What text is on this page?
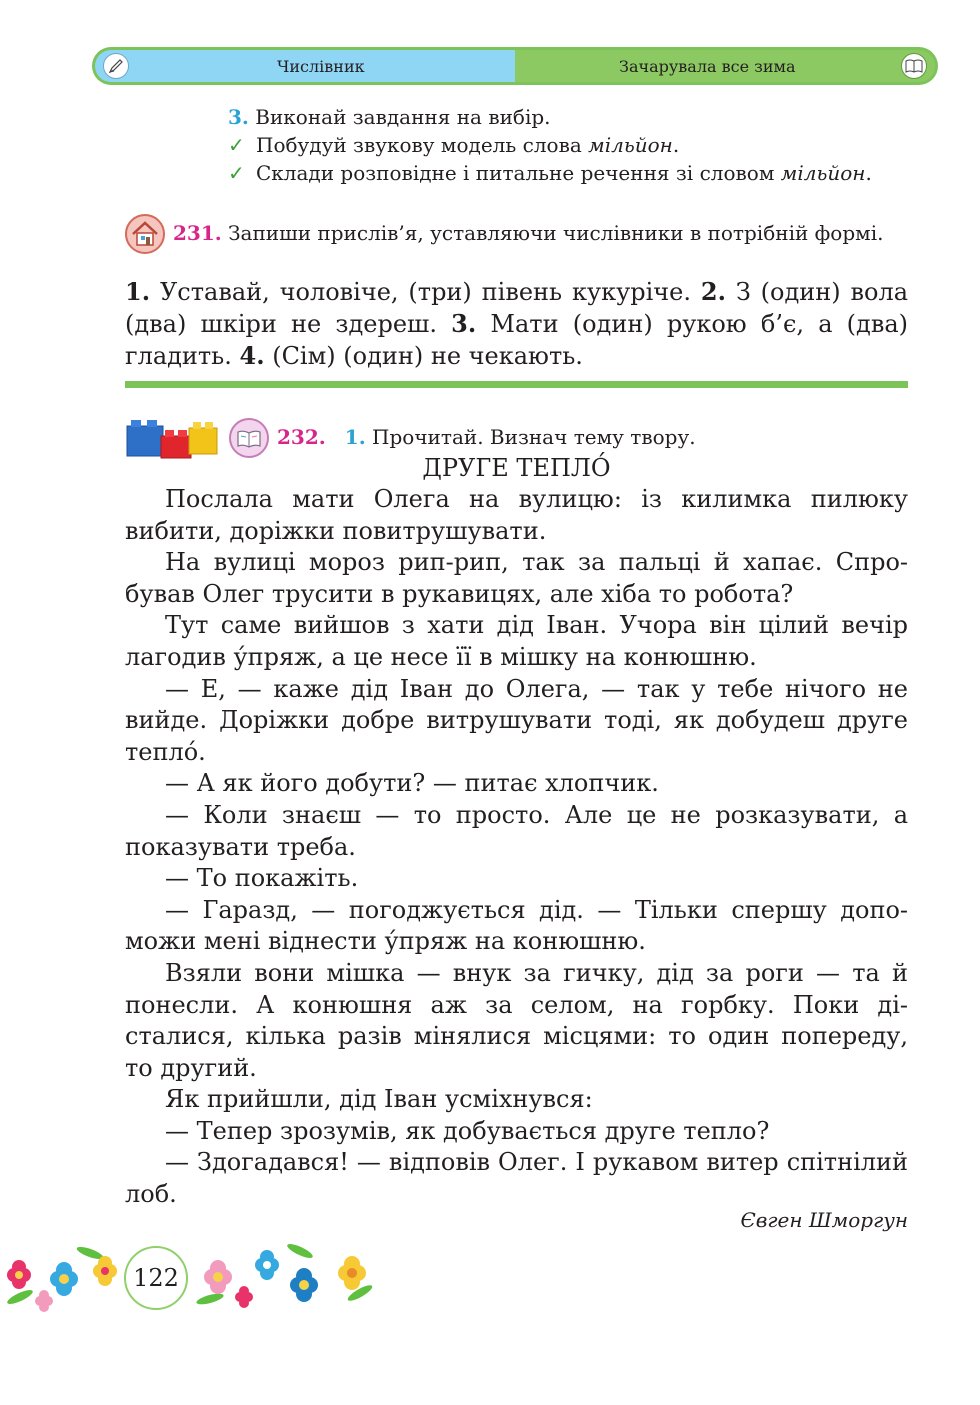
Числівник	Зачарувала все зима
3. Виконай завдання на вибір.
✓ Побудуй звукову модель слова мільйон.
✓ Склади розповідне і питальне речення зі словом мільйон.
231. Запиши прислів’я, уставляючи числівники в потрібній формі.
1. Уставай, чоловіче, (три) півень кукуріче. 2. З (один) вола (два) шкіри не здереш. 3. Мати (один) рукою б’є, а (два) гладить. 4. (Сім) (один) не чекають.
232. 1. Прочитай. Визнач тему твору.
ДРУГЕ ТЕПЛО́

Послала мати Олега на вулицю: із килимка пилюку вибити, доріжки повитрушувати.

На вулиці мороз рип-рип, так за пальці й хапає. Спробував Олег трусити в рукавицях, але хіба то робота?

Тут саме вийшов з хати дід Іван. Учора він цілий вечір лагодив у́пряж, а це несе її в мішку на конюшню.

— Е, — каже дід Іван до Олега, — так у тебе нічого не вийде. Доріжки добре витрушувати тоді, як добудеш друге тепло́.

— А як його добути? — питає хлопчик.

— Коли знаєш — то просто. Але це не розказувати, а показувати треба.

— То покажіть.

— Гаразд, — погоджується дід. — Тільки спершу допоможи мені віднести у́пряж на конюшню.

Взяли вони мішка — внук за гичку, дід за роги — та й понесли. А конюшня аж за селом, на горбку. Поки дісталися, кілька разів мінялися місцями: то один попереду, то другий.

Як прийшли, дід Іван усміхнувся:

— Тепер зрозумів, як добувається друге тепло?

— Здогадався! — відповів Олег. І рукавом витер спітнілий лоб.

Євген Шморгун
122
